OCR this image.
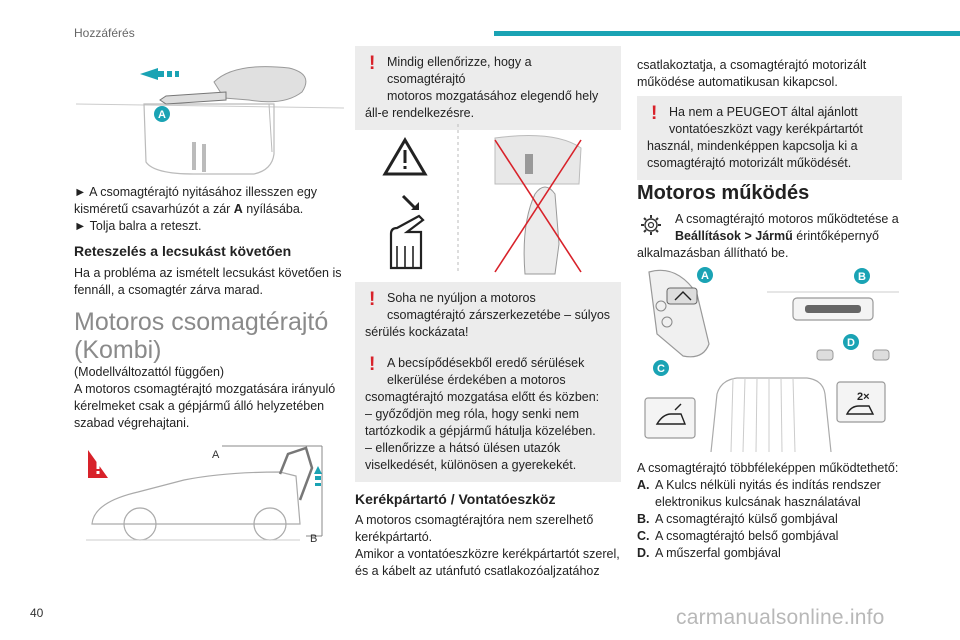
Hozzáférés
A
► A csomagtérajtó nyitásához illesszen egy
kisméretű csavarhúzót a zár A nyílásába.
► Tolja balra a reteszt.
Reteszelés a lecsukást követően
Ha a probléma az ismételt lecsukást követően is
fennáll, a csomagtér zárva marad.
Motoros csomagtérajtó
(Kombi)
(Modellváltozattól függően)
A motoros csomagtérajtó mozgatására irányuló
kérelmeket csak a gépjármű álló helyzetében
szabad végrehajtani.
A
B
! Mindig ellenőrizze, hogy a csomagtérajtó
motoros mozgatásához elegendő hely
áll-e rendelkezésre.
! Soha ne nyúljon a motoros
csomagtérajtó zárszerkezetébe – súlyos
sérülés kockázata!
! A becsípődésekből eredő sérülések
elkerülése érdekében a motoros
csomagtérajtó mozgatása előtt és közben:
– győződjön meg róla, hogy senki nem
tartózkodik a gépjármű hátulja közelében.
– ellenőrizze a hátsó ülésen utazók
viselkedését, különösen a gyerekekét.
Kerékpártartó / Vontatóeszköz
A motoros csomagtérajtóra nem szerelhető
kerékpártartó.
Amikor a vontatóeszközre kerékpártartót szerel,
és a kábelt az utánfutó csatlakozóaljzatához
csatlakoztatja, a csomagtérajtó motorizált
működése automatikusan kikapcsol.
! Ha nem a PEUGEOT által ajánlott
vontatóeszközt vagy kerékpártartót
használ, mindenképpen kapcsolja ki a
csomagtérajtó motorizált működését.
Motoros működés
A csomagtérajtó motoros működtetése a
Beállítások > Jármű érintőképernyő
alkalmazásban állítható be.
A	B
D
C
2×
A csomagtérajtó többféleképpen működtethető:
A. A Kulcs nélküli nyitás és indítás rendszer
elektronikus kulcsának használatával
B. A csomagtérajtó külső gombjával
C. A csomagtérajtó belső gombjával
D. A műszerfal gombjával
40	carmanualsonline.info
